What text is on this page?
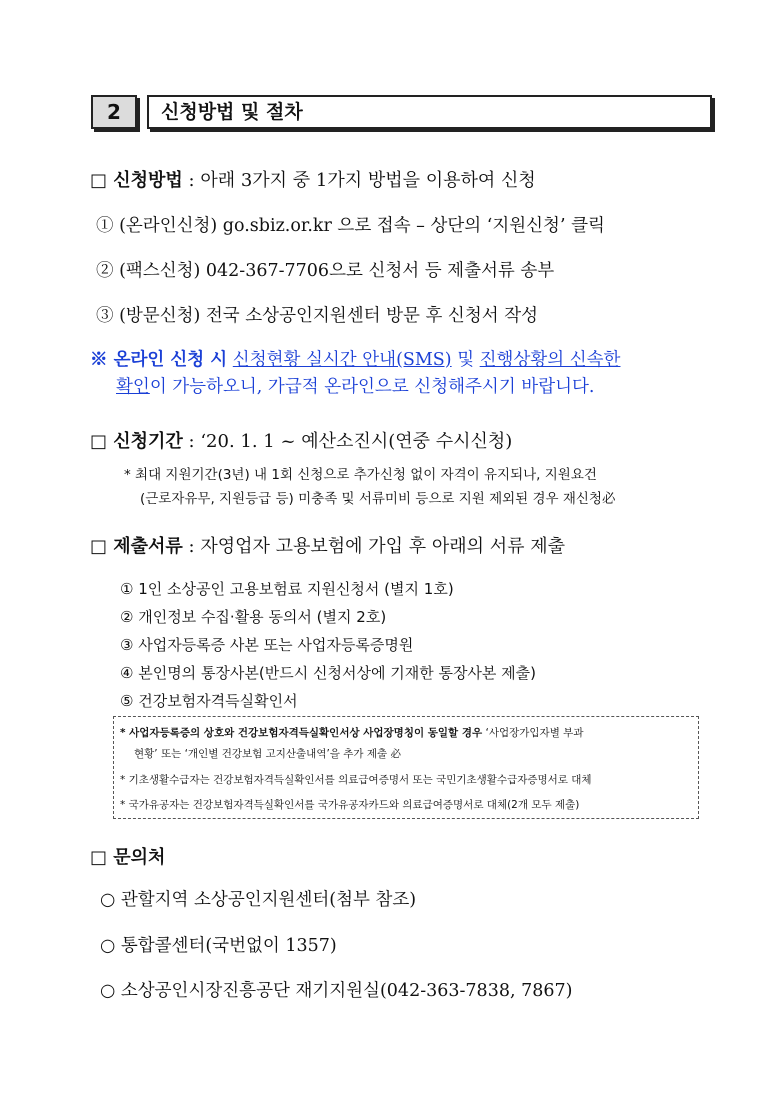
2	신청방법 및 절차
□ 신청방법 : 아래 3가지 중 1가지 방법을 이용하여 신청
① (온라인신청) go.sbiz.or.kr 으로 접속 – 상단의 ‘지원신청’ 클릭
② (팩스신청) 042-367-7706으로 신청서 등 제출서류 송부
③ (방문신청) 전국 소상공인지원센터 방문 후 신청서 작성
※ 온라인 신청 시 신청현황 실시간 안내(SMS) 및 진행상황의 신속한
확인이 가능하오니, 가급적 온라인으로 신청해주시기 바랍니다.
□ 신청기간 : ‘20. 1. 1 ~ 예산소진시(연중 수시신청)
* 최대 지원기간(3년) 내 1회 신청으로 추가신청 없이 자격이 유지되나, 지원요건
(근로자유무, 지원등급 등) 미충족 및 서류미비 등으로 지원 제외된 경우 재신청必
□ 제출서류 : 자영업자 고용보험에 가입 후 아래의 서류 제출
① 1인 소상공인 고용보험료 지원신청서 (별지 1호)
② 개인정보 수집·활용 동의서 (별지 2호)
③ 사업자등록증 사본 또는 사업자등록증명원
④ 본인명의 통장사본(반드시 신청서상에 기재한 통장사본 제출)
⑤ 건강보험자격득실확인서
* 사업자등록증의 상호와 건강보험자격득실확인서상 사업장명칭이 동일할 경우 ‘사업장가입자별 부과
현황’ 또는 ‘개인별 건강보험 고지산출내역’을 추가 제출 必
* 기초생활수급자는 건강보험자격득실확인서를 의료급여증명서 또는 국민기초생활수급자증명서로 대체
* 국가유공자는 건강보험자격득실확인서를 국가유공자카드와 의료급여증명서로 대체(2개 모두 제출)
□ 문의처
○ 관할지역 소상공인지원센터(첨부 참조)
○ 통합콜센터(국번없이 1357)
○ 소상공인시장진흥공단 재기지원실(042-363-7838, 7867)
